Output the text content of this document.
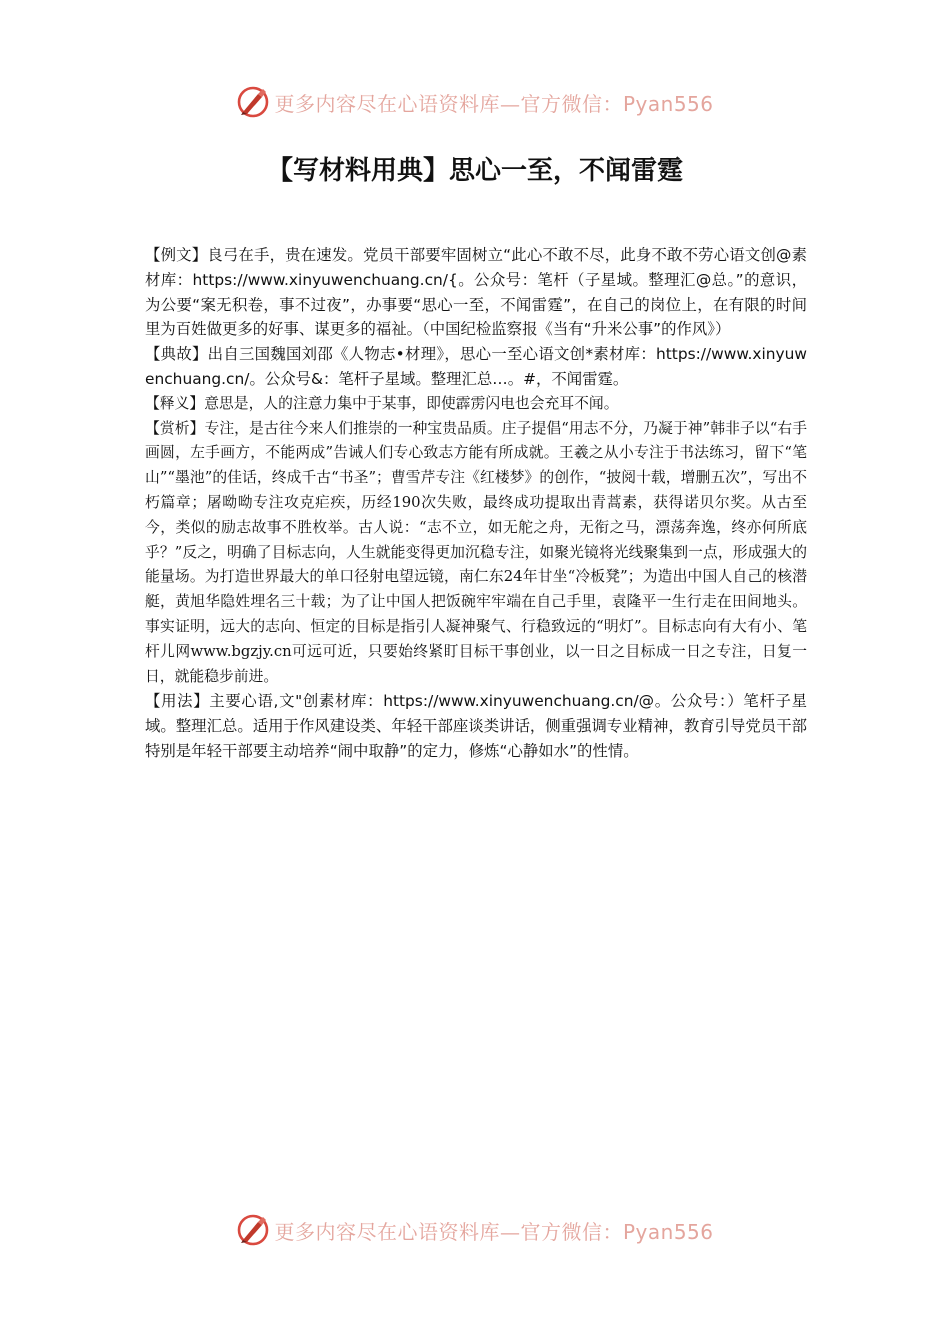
更多内容尽在心语资料库—官方微信：Pyan556
【写材料用典】思心一至，不闻雷霆

【例文】良弓在手，贵在速发。党员干部要牢固树立“此心不敢不尽，此身不敢不劳心语文创@素材库：https://www.xinyuwenchuang.cn/{。公众号：笔杆（子星域。整理汇@总。”的意识，为公要“案无积卷，事不过夜”，办事要“思心一至，不闻雷霆”，在自己的岗位上，在有限的时间里为百姓做更多的好事、谋更多的福祉。（中国纪检监察报《当有“升米公事”的作风》）

【典故】出自三国魏国刘邵《人物志•材理》，思心一至心语文创*素材库：https://www.xinyuwenchuang.cn/。公众号&：笔杆子星域。整理汇总…。#，不闻雷霆。

【释义】意思是，人的注意力集中于某事，即使霹雳闪电也会充耳不闻。

【赏析】专注，是古往今来人们推崇的一种宝贵品质。庄子提倡“用志不分，乃凝于神”韩非子以“右手画圆，左手画方，不能两成”告诫人们专心致志方能有所成就。王羲之从小专注于书法练习，留下“笔山”“墨池”的佳话，终成千古“书圣”；曹雪芹专注《红楼梦》的创作，“披阅十载，增删五次”，写出不朽篇章；屠呦呦专注攻克疟疾，历经190次失败，最终成功提取出青蒿素，获得诺贝尔奖。从古至今，类似的励志故事不胜枚举。古人说：“志不立，如无舵之舟，无衔之马，漂荡奔逸，终亦何所底乎？”反之，明确了目标志向，人生就能变得更加沉稳专注，如聚光镜将光线聚集到一点，形成强大的能量场。为打造世界最大的单口径射电望远镜，南仁东24年甘坐“冷板凳”；为造出中国人自己的核潜艇，黄旭华隐姓埋名三十载；为了让中国人把饭碗牢牢端在自己手里，袁隆平一生行走在田间地头。事实证明，远大的志向、恒定的目标是指引人凝神聚气、行稳致远的“明灯”。目标志向有大有小、笔杆儿网www.bgzjy.cn可远可近，只要始终紧盯目标干事创业，以一日之目标成一日之专注，日复一日，就能稳步前进。

【用法】主要心语,文"创素材库：https://www.xinyuwenchuang.cn/@。公众号：）笔杆子星域。整理汇总。适用于作风建设类、年轻干部座谈类讲话，侧重强调专业精神，教育引导党员干部特别是年轻干部要主动培养“闹中取静”的定力，修炼“心静如水”的性情。

更多内容尽在心语资料库—官方微信：Pyan556
